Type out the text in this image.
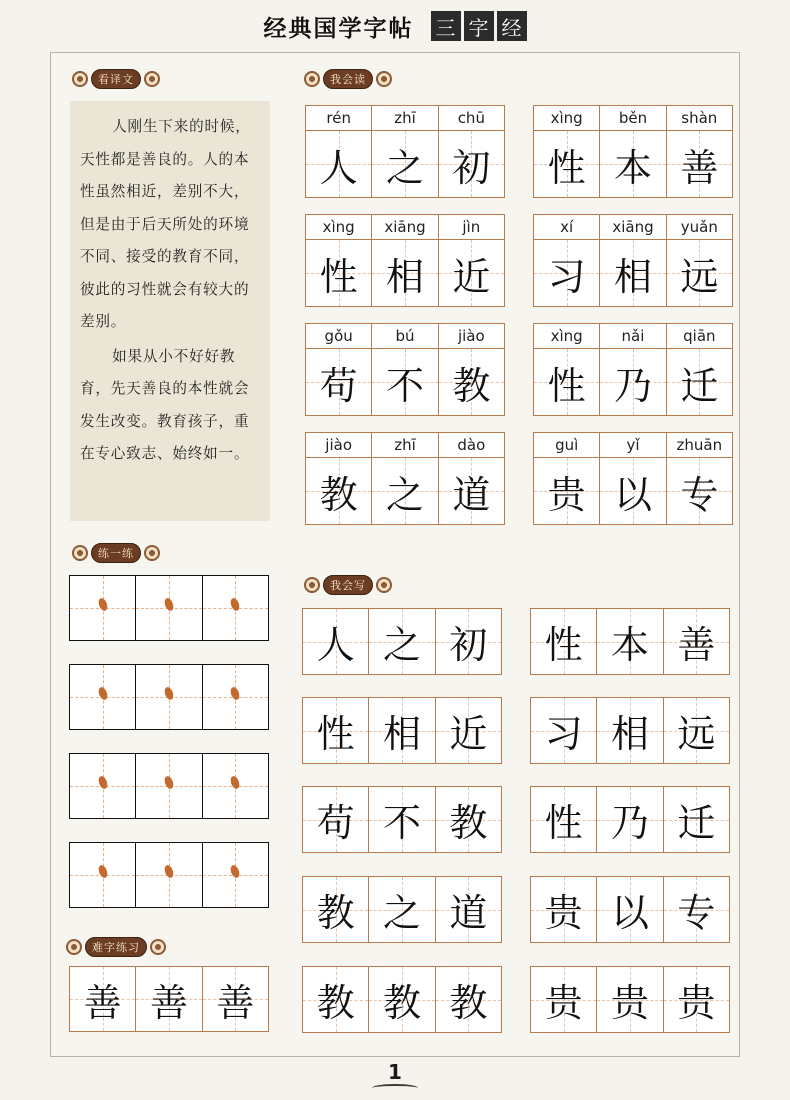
经典国学字帖 三 字 经
看译文	我会读
练一练
我会写
难字练习

人刚生下来的时候，天性都是善良的。人的本性虽然相近，差别不大，但是由于后天所处的环境不同、接受的教育不同，彼此的习性就会有较大的差别。

如果从小不好好教育，先天善良的本性就会发生改变。教育孩子，重在专心致志、始终如一。

rén	zhī	chū
人 之 初
xìng	běn	shàn
性 本 善
xìng	xiāng	jìn
性 相 近
xí	xiāng	yuǎn
习 相 远
gǒu	bú	jiào
苟 不 教
xìng	nǎi	qiān
性 乃 迁
jiào	zhī	dào
教 之 道
guì	yǐ	zhuān
贵 以 专
人 之 初 性 本 善
性 相 近 习 相 远
苟 不 教 性 乃 迁
教 之 道 贵 以 专
教 教 教 贵 贵 贵
善 善 善
1
